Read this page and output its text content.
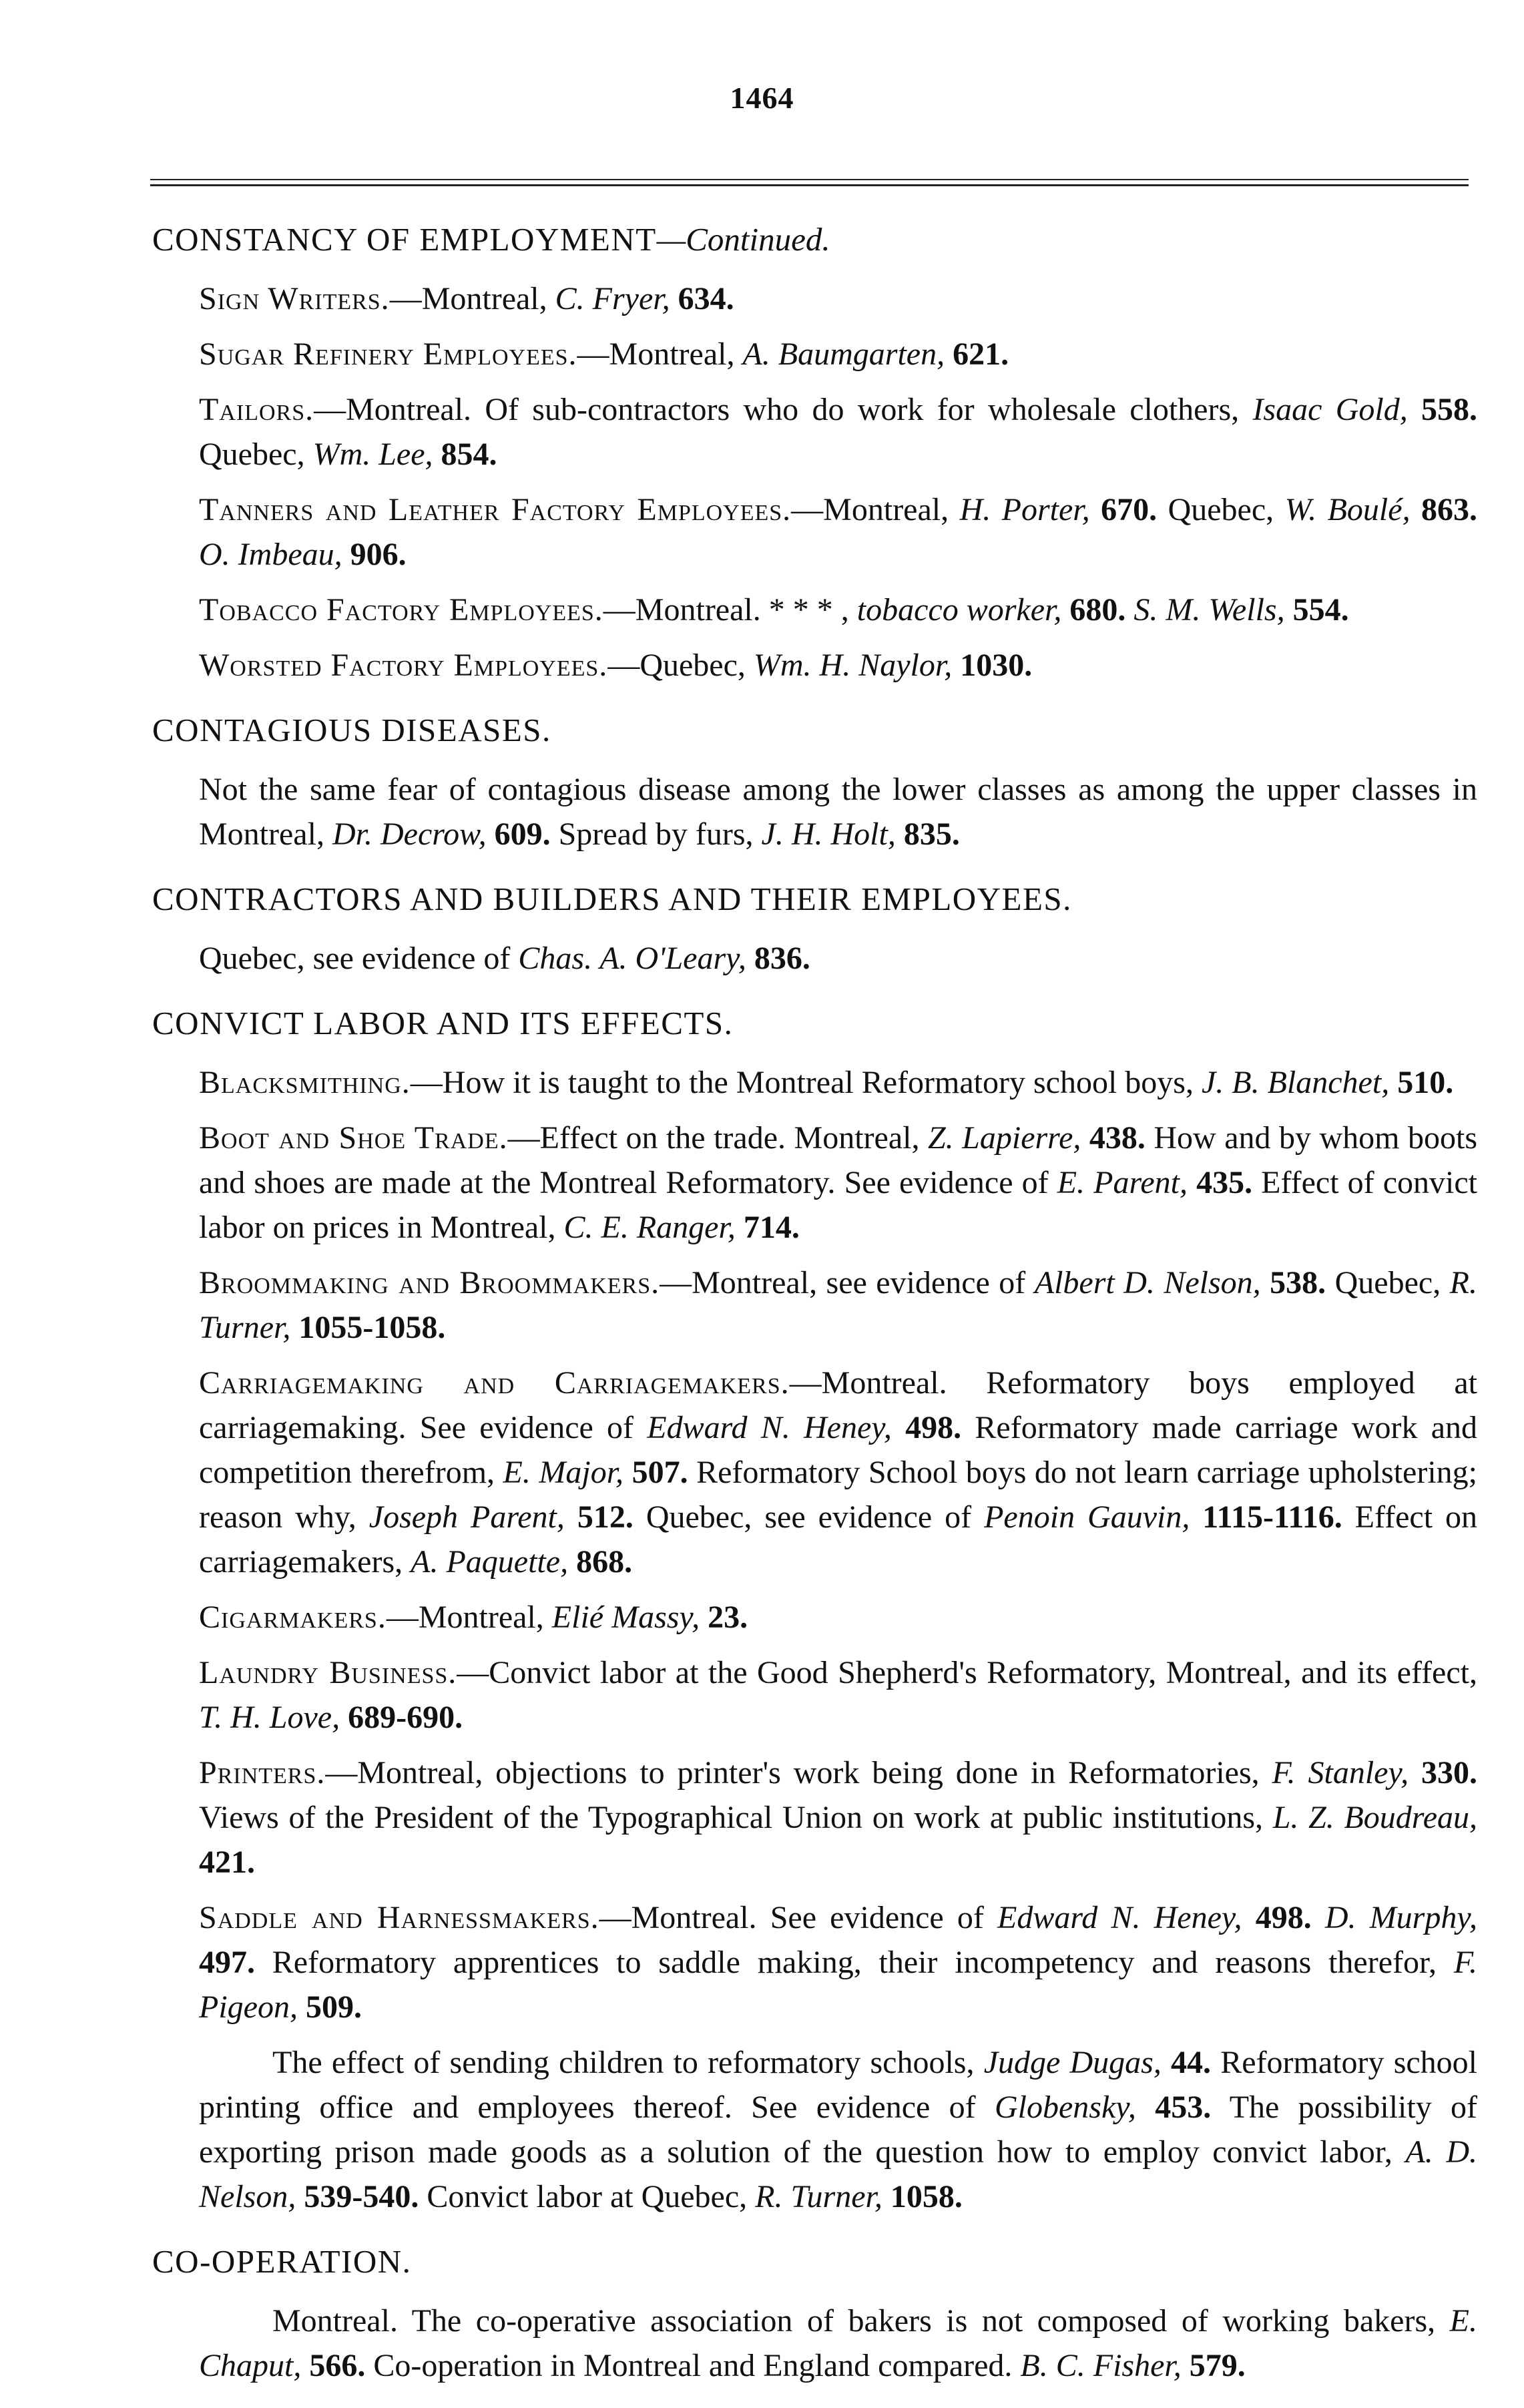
1464
CONSTANCY OF EMPLOYMENT—Continued.
Sign Writers.—Montreal, C. Fryer, 634.
Sugar Refinery Employees.—Montreal, A. Baumgarten, 621.
Tailors.—Montreal. Of sub-contractors who do work for wholesale clothers, Isaac Gold, 558. Quebec, Wm. Lee, 854.
Tanners and Leather Factory Employees.—Montreal, H. Porter, 670. Quebec, W. Boulé, 863. O. Imbeau, 906.
Tobacco Factory Employees.—Montreal. * * * , tobacco worker, 680. S. M. Wells, 554.
Worsted Factory Employees.—Quebec, Wm. H. Naylor, 1030.
CONTAGIOUS DISEASES.
Not the same fear of contagious disease among the lower classes as among the upper classes in Montreal, Dr. Decrow, 609. Spread by furs, J. H. Holt, 835.
CONTRACTORS AND BUILDERS AND THEIR EMPLOYEES.
Quebec, see evidence of Chas. A. O'Leary, 836.
CONVICT LABOR AND ITS EFFECTS.
Blacksmithing.—How it is taught to the Montreal Reformatory school boys, J. B. Blanchet, 510.
Boot and Shoe Trade.—Effect on the trade. Montreal, Z. Lapierre, 438. How and by whom boots and shoes are made at the Montreal Reformatory. See evidence of E. Parent, 435. Effect of convict labor on prices in Montreal, C. E. Ranger, 714.
Broommaking and Broommakers.—Montreal, see evidence of Albert D. Nelson, 538. Quebec, R. Turner, 1055-1058.
Carriagemaking and Carriagemakers.—Montreal. Reformatory boys employed at carriagemaking. See evidence of Edward N. Heney, 498. Reformatory made carriage work and competition therefrom, E. Major, 507. Reformatory School boys do not learn carriage upholstering; reason why, Joseph Parent, 512. Quebec, see evidence of Penoin Gauvin, 1115-1116. Effect on carriagemakers, A. Paquette, 868.
Cigarmakers.—Montreal, Elié Massy, 23.
Laundry Business.—Convict labor at the Good Shepherd's Reformatory, Montreal, and its effect, T. H. Love, 689-690.
Printers.—Montreal, objections to printer's work being done in Reformatories, F. Stanley, 330. Views of the President of the Typographical Union on work at public institutions, L. Z. Boudreau, 421.
Saddle and Harnessmakers.—Montreal. See evidence of Edward N. Heney, 498. D. Murphy, 497. Reformatory apprentices to saddle making, their incompetency and reasons therefor, F. Pigeon, 509.
The effect of sending children to reformatory schools, Judge Dugas, 44. Reformatory school printing office and employees thereof. See evidence of Globensky, 453. The possibility of exporting prison made goods as a solution of the question how to employ convict labor, A. D. Nelson, 539-540. Convict labor at Quebec, R. Turner, 1058.
CO-OPERATION.
Montreal. The co-operative association of bakers is not composed of working bakers, E. Chaput, 566. Co-operation in Montreal and England compared. B. C. Fisher, 579.
